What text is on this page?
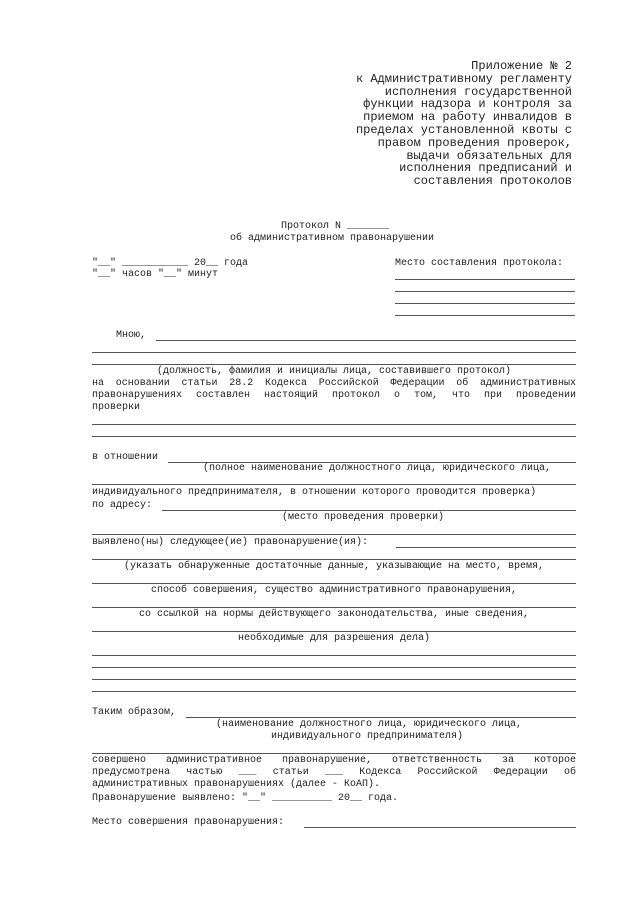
Приложение № 2
к Административному регламенту
исполнения государственной
функции надзора и контроля за
приемом на работу инвалидов в
пределах установленной квоты с
правом проведения проверок,
выдачи обязательных для
исполнения предписаний и
составления протоколов
Протокол N _______
об административном правонарушении
"__" ___________ 20__ года
"__" часов "__" минут
Место составления протокола:
Мною,
(должность, фамилия и инициалы лица, составившего протокол)
на основании статьи 28.2 Кодекса Российской Федерации об административных
правонарушениях составлен настоящий протокол о том, что при проведении
проверки
в отношении
(полное наименование должностного лица, юридического лица,
индивидуального предпринимателя, в отношении которого проводится проверка)
по адресу:
(место проведения проверки)
выявлено(ны) следующее(ие) правонарушение(ия):
(указать обнаруженные достаточные данные, указывающие на место, время,
способ совершения, существо административного правонарушения,
со ссылкой на нормы действующего законодательства, иные сведения,
необходимые для разрешения дела)
Таким образом,
(наименование должностного лица, юридического лица,
индивидуального предпринимателя)
совершено административное правонарушение, ответственность за которое
предусмотрена частью ___ статьи ___ Кодекса Российской Федерации об
административных правонарушениях (далее - КоАП).
Правонарушение выявлено: "__" __________ 20__ года.
Место совершения правонарушения:
